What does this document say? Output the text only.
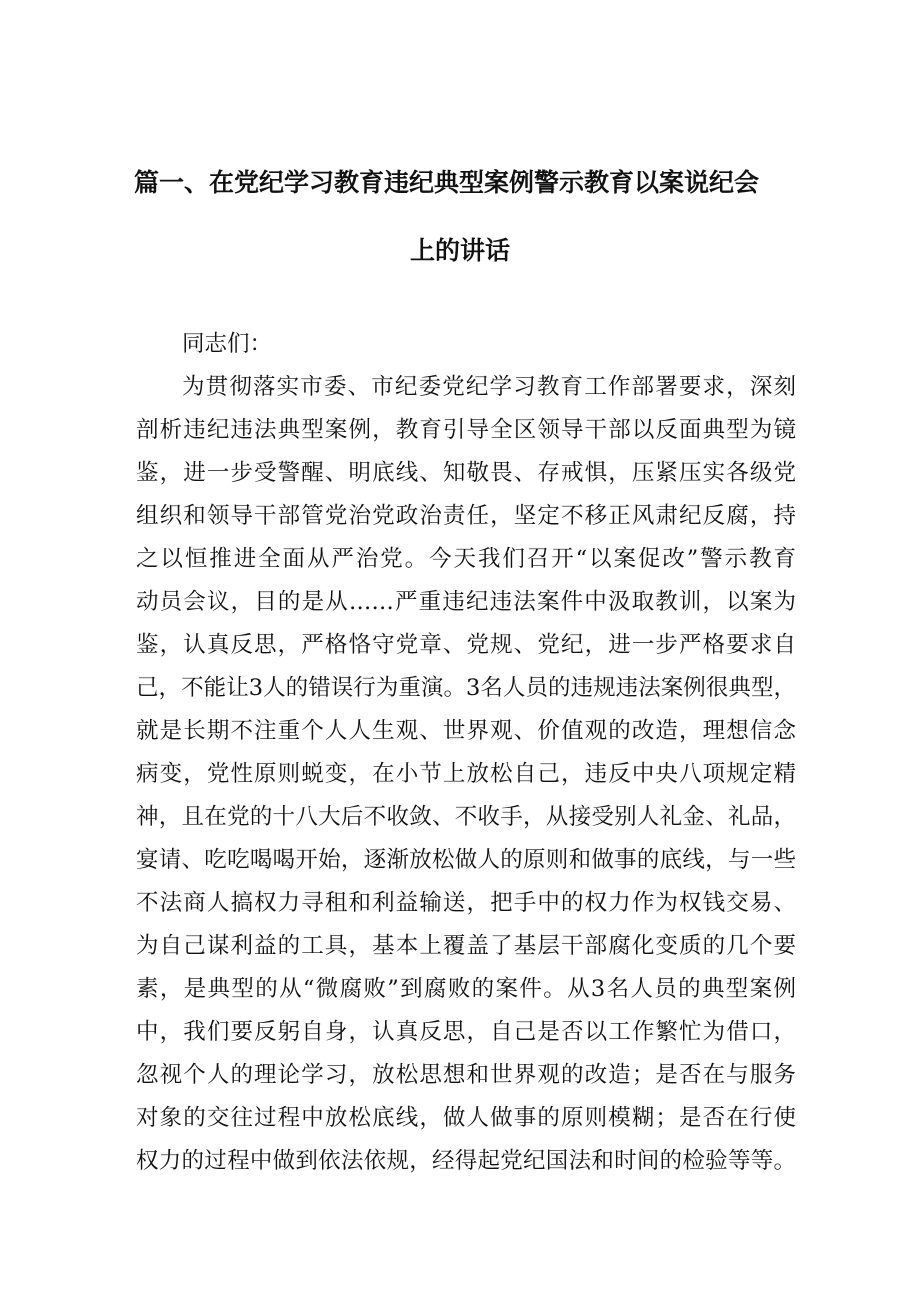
篇一、在党纪学习教育违纪典型案例警示教育以案说纪会
上的讲话
同志们：
为贯彻落实市委、市纪委党纪学习教育工作部署要求，深刻
剖析违纪违法典型案例，教育引导全区领导干部以反面典型为镜
鉴，进一步受警醒、明底线、知敬畏、存戒惧，压紧压实各级党
组织和领导干部管党治党政治责任，坚定不移正风肃纪反腐，持
之以恒推进全面从严治党。今天我们召开“以案促改”警示教育
动员会议，目的是从……严重违纪违法案件中汲取教训，以案为
鉴，认真反思，严格恪守党章、党规、党纪，进一步严格要求自
己，不能让3人的错误行为重演。3名人员的违规违法案例很典型，
就是长期不注重个人人生观、世界观、价值观的改造，理想信念
病变，党性原则蜕变，在小节上放松自己，违反中央八项规定精
神，且在党的十八大后不收敛、不收手，从接受别人礼金、礼品，
宴请、吃吃喝喝开始，逐渐放松做人的原则和做事的底线，与一些
不法商人搞权力寻租和利益输送，把手中的权力作为权钱交易、
为自己谋利益的工具，基本上覆盖了基层干部腐化变质的几个要
素，是典型的从“微腐败”到腐败的案件。从3名人员的典型案例
中，我们要反躬自身，认真反思，自己是否以工作繁忙为借口，
忽视个人的理论学习，放松思想和世界观的改造；是否在与服务
对象的交往过程中放松底线，做人做事的原则模糊；是否在行使
权力的过程中做到依法依规，经得起党纪国法和时间的检验等等。
